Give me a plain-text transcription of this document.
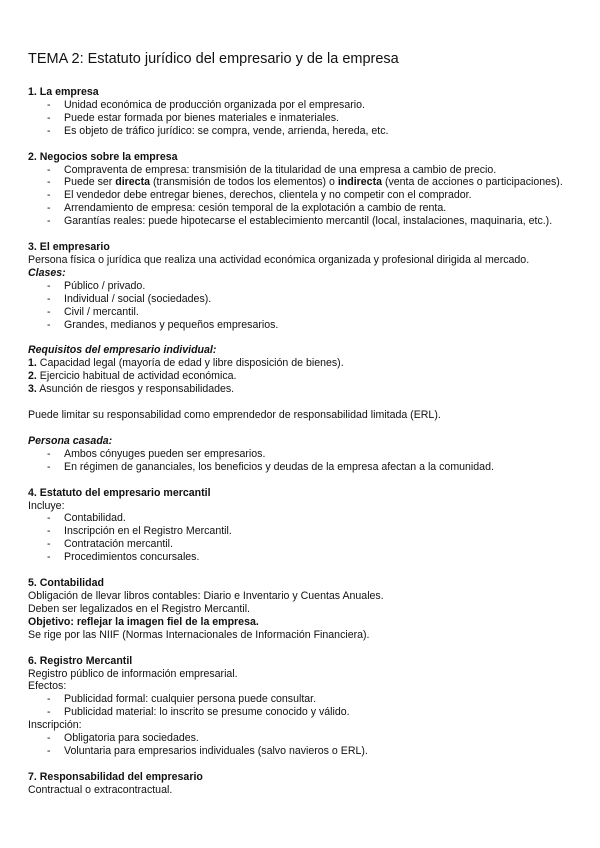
TEMA 2: Estatuto jurídico del empresario y de la empresa
1. La empresa
- Unidad económica de producción organizada por el empresario.
- Puede estar formada por bienes materiales e inmateriales.
- Es objeto de tráfico jurídico: se compra, vende, arrienda, hereda, etc.
2. Negocios sobre la empresa
- Compraventa de empresa: transmisión de la titularidad de una empresa a cambio de precio.
- Puede ser directa (transmisión de todos los elementos) o indirecta (venta de acciones o participaciones).
- El vendedor debe entregar bienes, derechos, clientela y no competir con el comprador.
- Arrendamiento de empresa: cesión temporal de la explotación a cambio de renta.
- Garantías reales: puede hipotecarse el establecimiento mercantil (local, instalaciones, maquinaria, etc.).
3. El empresario
Persona física o jurídica que realiza una actividad económica organizada y profesional dirigida al mercado.
Clases:
- Público / privado.
- Individual / social (sociedades).
- Civil / mercantil.
- Grandes, medianos y pequeños empresarios.
Requisitos del empresario individual:
1. Capacidad legal (mayoría de edad y libre disposición de bienes).
2. Ejercicio habitual de actividad económica.
3. Asunción de riesgos y responsabilidades.
Puede limitar su responsabilidad como emprendedor de responsabilidad limitada (ERL).
Persona casada:
- Ambos cónyuges pueden ser empresarios.
- En régimen de gananciales, los beneficios y deudas de la empresa afectan a la comunidad.
4. Estatuto del empresario mercantil
Incluye:
- Contabilidad.
- Inscripción en el Registro Mercantil.
- Contratación mercantil.
- Procedimientos concursales.
5. Contabilidad
Obligación de llevar libros contables: Diario e Inventario y Cuentas Anuales.
Deben ser legalizados en el Registro Mercantil.
Objetivo: reflejar la imagen fiel de la empresa.
Se rige por las NIIF (Normas Internacionales de Información Financiera).
6. Registro Mercantil
Registro público de información empresarial.
Efectos:
- Publicidad formal: cualquier persona puede consultar.
- Publicidad material: lo inscrito se presume conocido y válido.
Inscripción:
- Obligatoria para sociedades.
- Voluntaria para empresarios individuales (salvo navieros o ERL).
7. Responsabilidad del empresario
Contractual o extracontractual.
